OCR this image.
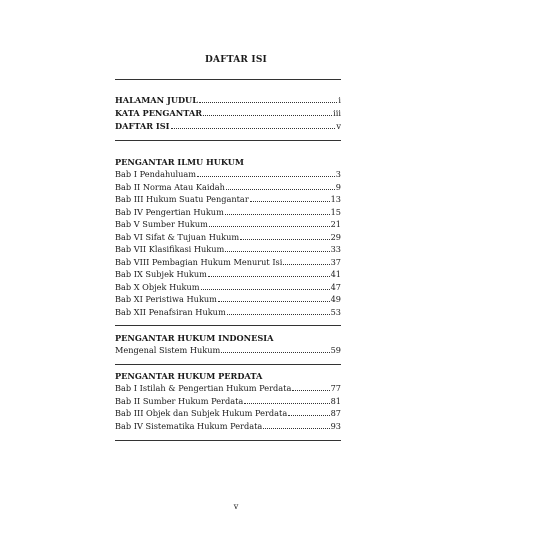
DAFTAR ISI
HALAMAN JUDUL	i
KATA PENGANTAR	iii
DAFTAR ISI	v
PENGANTAR ILMU HUKUM
Bab I Pendahuluam	3
Bab II Norma Atau Kaidah	9
Bab III Hukum Suatu Pengantar	13
Bab IV Pengertian Hukum	15
Bab V Sumber Hukum	21
Bab VI Sifat & Tujuan Hukum	29
Bab VII Klasifikasi Hukum	33
Bab VIII Pembagian Hukum Menurut Isi	37
Bab IX Subjek Hukum	41
Bab X Objek Hukum	47
Bab XI Peristiwa Hukum	49
Bab XII Penafsiran Hukum	53
PENGANTAR HUKUM INDONESIA
Mengenal Sistem Hukum	59
PENGANTAR HUKUM PERDATA
Bab I Istilah & Pengertian Hukum Perdata	77
Bab II Sumber Hukum Perdata	81
Bab III Objek dan Subjek Hukum Perdata	87
Bab IV Sistematika Hukum Perdata	93
v
